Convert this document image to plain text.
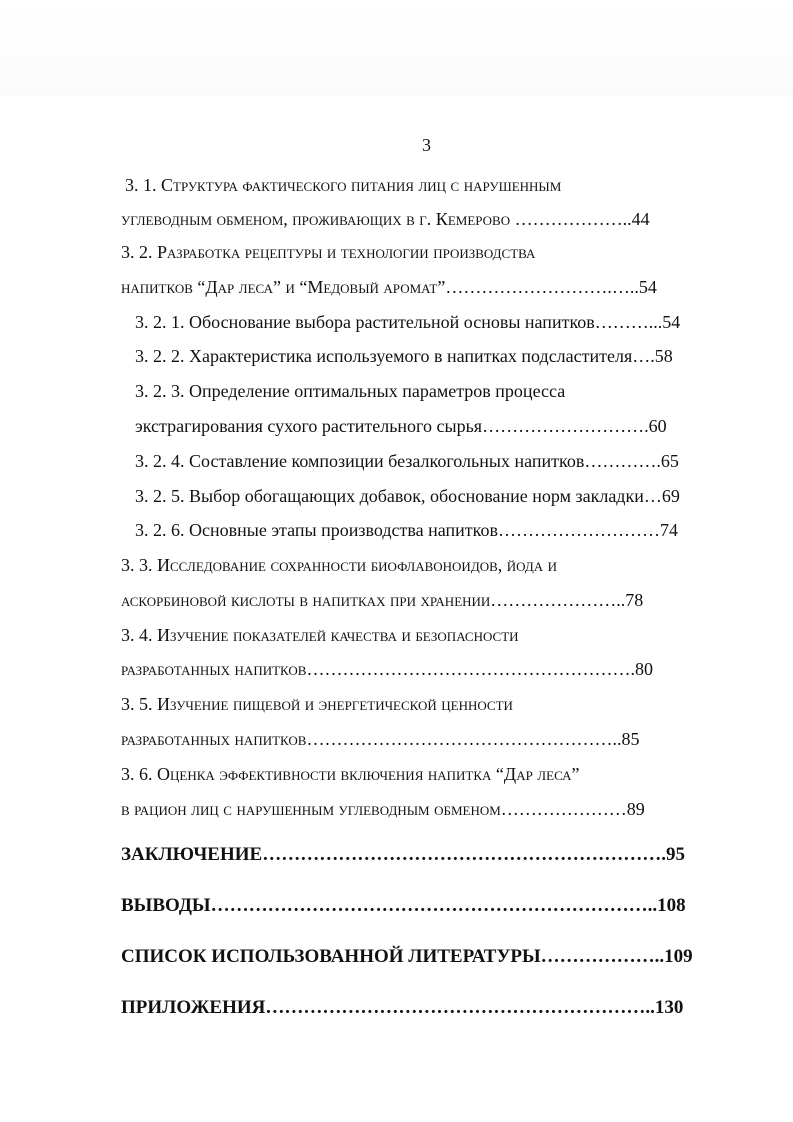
3
3. 1. Структура фактического питания лиц с нарушенным
углеводным обменом, проживающих в г. Кемерово ………………..44
3. 2. Разработка рецептуры и технологии производства
напитков “Дар леса” и “Медовый аромат”……………………….…..54
3. 2. 1. Обоснование выбора растительной основы напитков………...54
3. 2. 2. Характеристика используемого в напитках подсластителя….58
3. 2. 3. Определение оптимальных параметров процесса
экстрагирования сухого растительного сырья……………………….60
3. 2. 4. Составление композиции безалкогольных напитков………….65
3. 2. 5. Выбор обогащающих добавок, обоснование норм закладки…69
3. 2. 6. Основные этапы производства напитков………………………74
3. 3. Исследование сохранности биофлавоноидов, йода и
аскорбиновой кислоты в напитках при хранении…………………..78
3. 4. Изучение показателей качества и безопасности
разработанных напитков……………………………………………….80
3. 5. Изучение пищевой и энергетической ценности
разработанных напитков……………………………………………..85
3. 6. Оценка эффективности включения напитка “Дар леса”
в рацион лиц с нарушенным углеводным обменом…………………89
ЗАКЛЮЧЕНИЕ……………………………………………………….95
ВЫВОДЫ……………………………………………………………..108
СПИСОК ИСПОЛЬЗОВАННОЙ ЛИТЕРАТУРЫ………………..109
ПРИЛОЖЕНИЯ……………………………………………………..130
